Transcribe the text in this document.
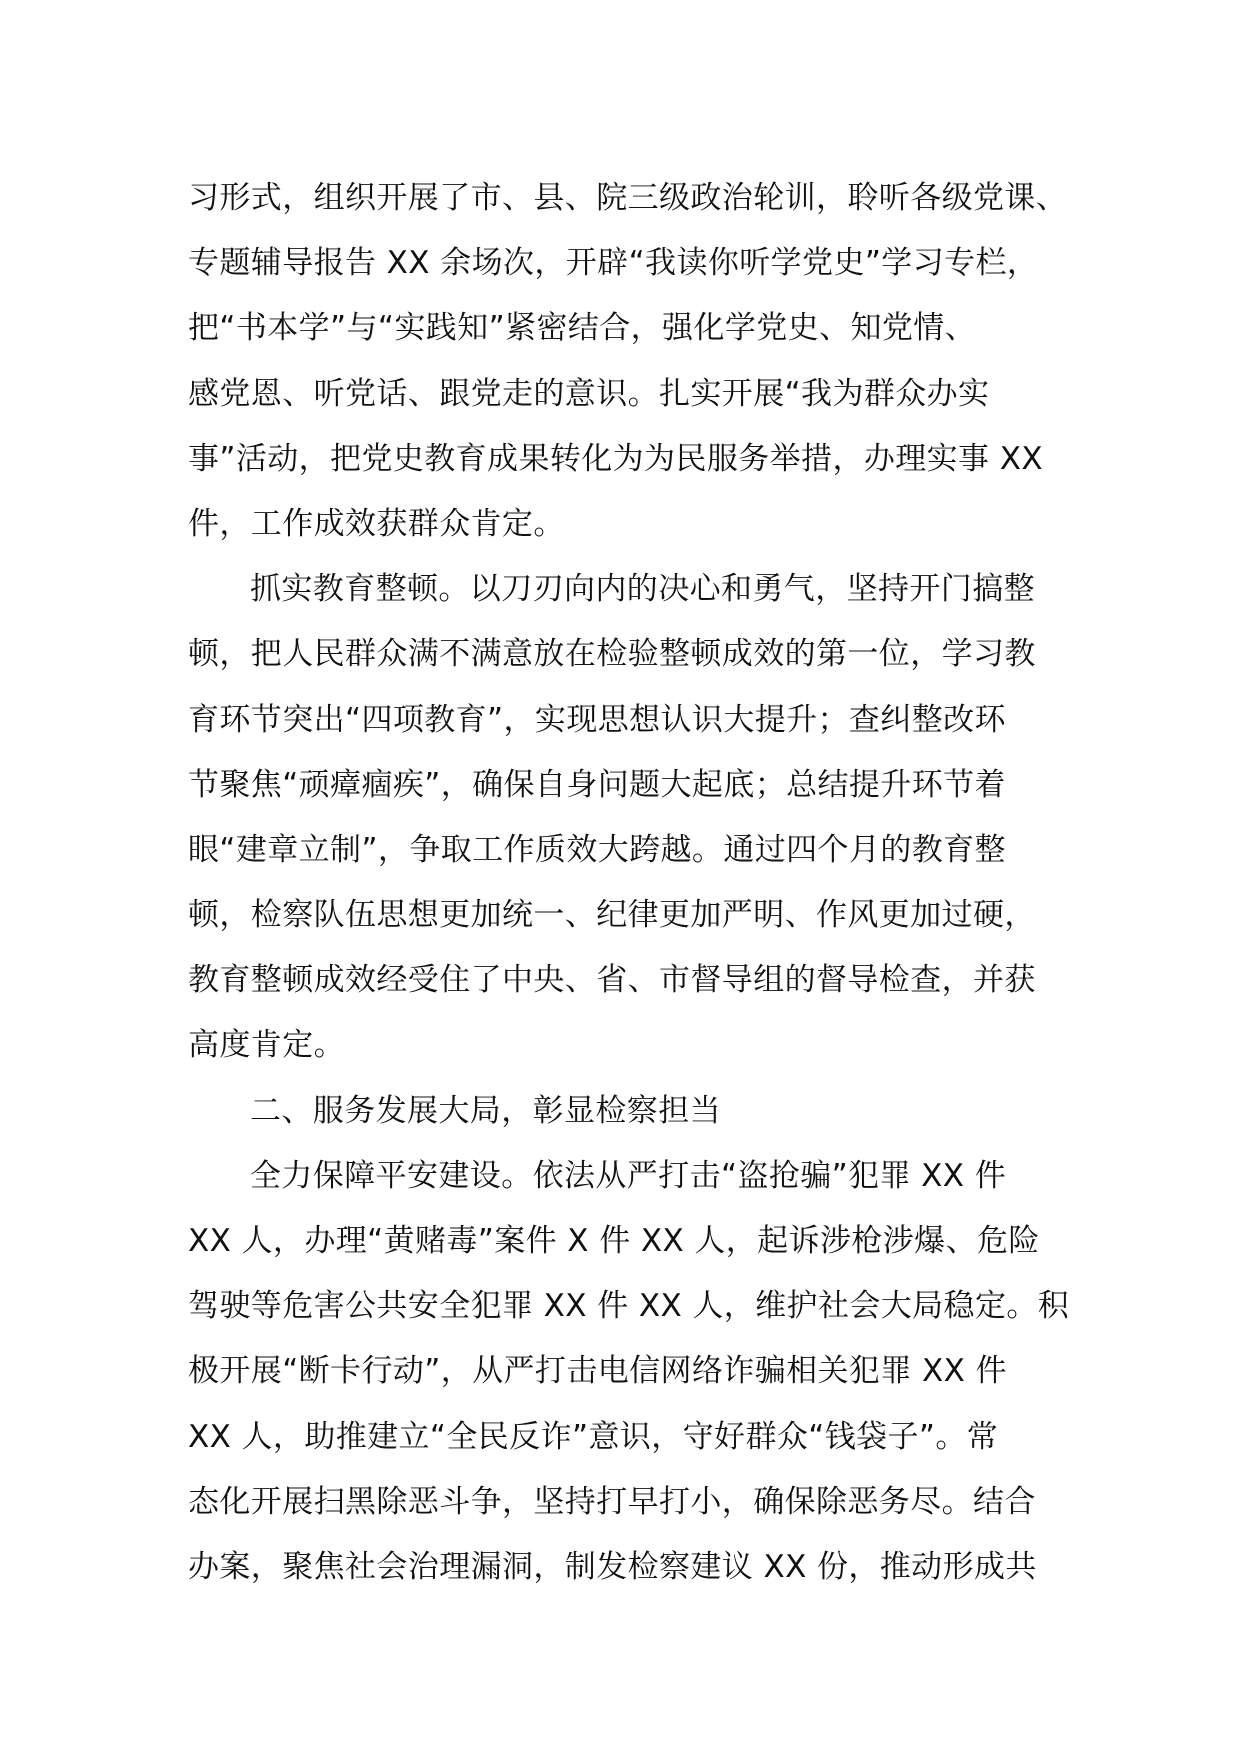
习形式，组织开展了市、县、院三级政治轮训，聆听各级党课、
专题辅导报告 XX 余场次，开辟“我读你听学党史”学习专栏，
把“书本学”与“实践知”紧密结合，强化学党史、知党情、
感党恩、听党话、跟党走的意识。扎实开展“我为群众办实
事”活动，把党史教育成果转化为为民服务举措，办理实事 XX
件，工作成效获群众肯定。
抓实教育整顿。以刀刃向内的决心和勇气，坚持开门搞整
顿，把人民群众满不满意放在检验整顿成效的第一位，学习教
育环节突出“四项教育”，实现思想认识大提升；查纠整改环
节聚焦“顽瘴痼疾”，确保自身问题大起底；总结提升环节着
眼“建章立制”，争取工作质效大跨越。通过四个月的教育整
顿，检察队伍思想更加统一、纪律更加严明、作风更加过硬，
教育整顿成效经受住了中央、省、市督导组的督导检查，并获
高度肯定。
二、服务发展大局，彰显检察担当
全力保障平安建设。依法从严打击“盗抢骗”犯罪 XX 件
XX 人，办理“黄赌毒”案件 X 件 XX 人，起诉涉枪涉爆、危险
驾驶等危害公共安全犯罪 XX 件 XX 人，维护社会大局稳定。积
极开展“断卡行动”，从严打击电信网络诈骗相关犯罪 XX 件
XX 人，助推建立“全民反诈”意识，守好群众“钱袋子”。常
态化开展扫黑除恶斗争，坚持打早打小，确保除恶务尽。结合
办案，聚焦社会治理漏洞，制发检察建议 XX 份，推动形成共
